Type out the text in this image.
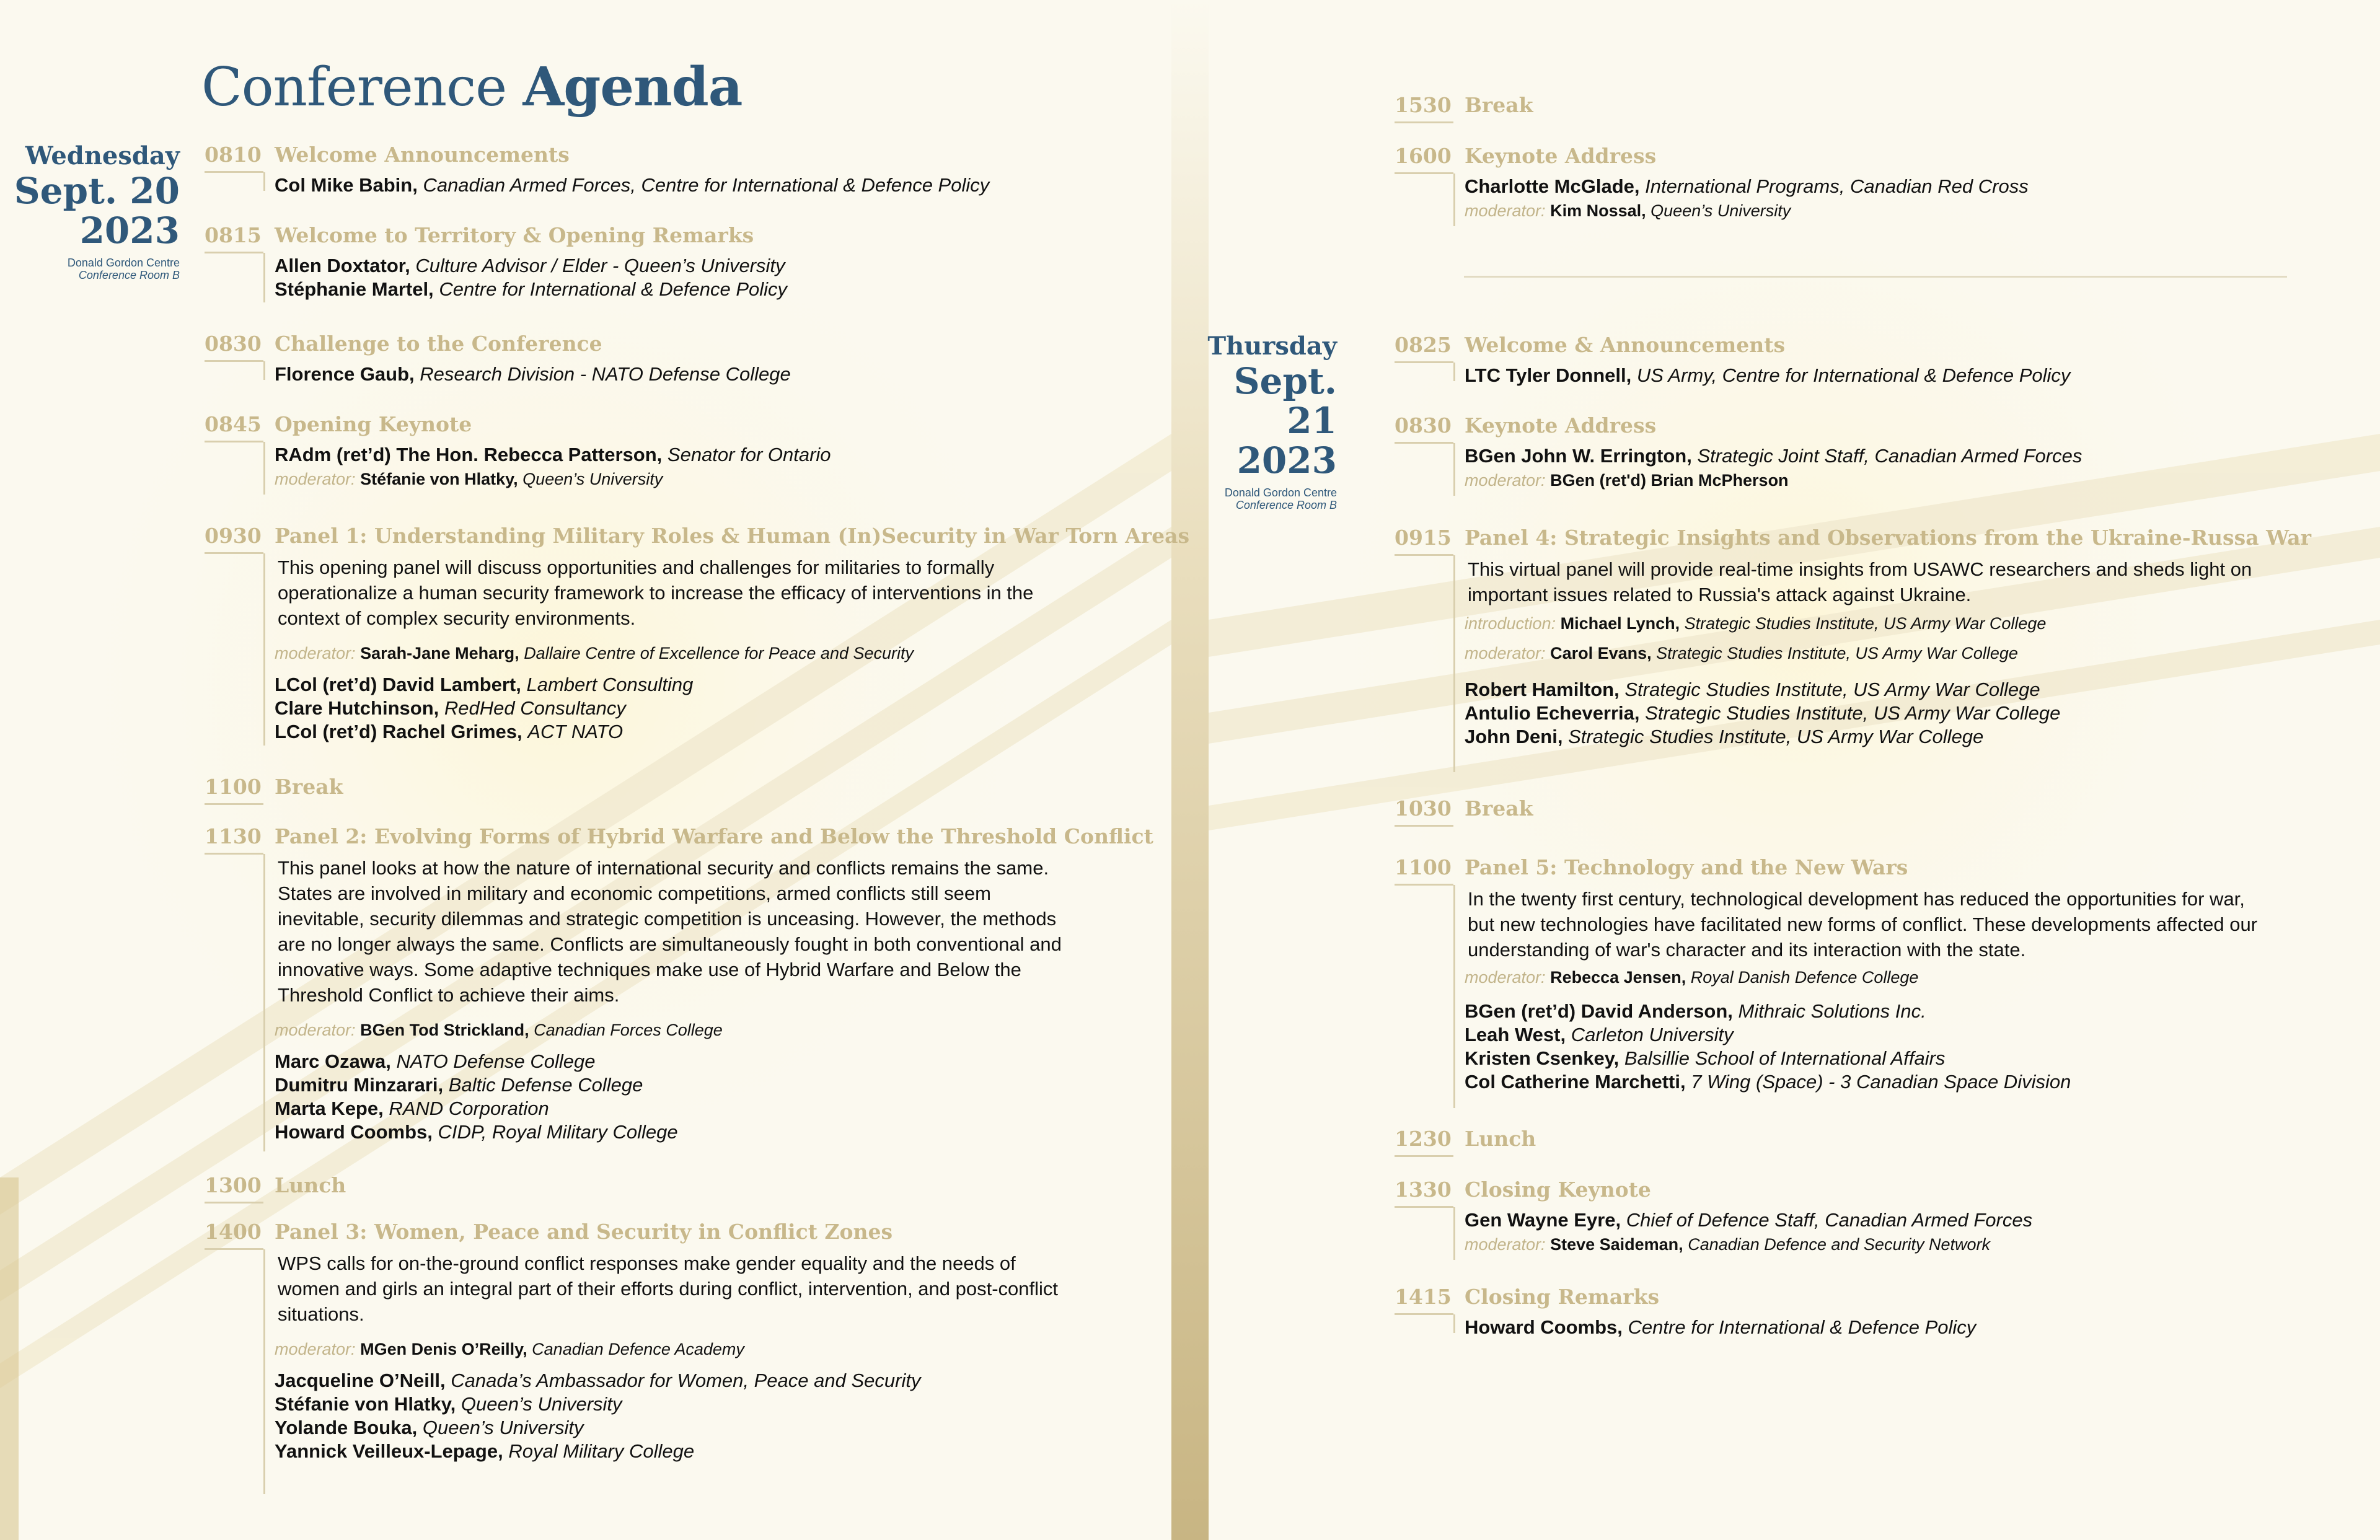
Conference Agenda
Wednesday
Sept. 20
2023
Donald Gordon Centre
Conference Room B
0810 Welcome Announcements
Col Mike Babin, Canadian Armed Forces, Centre for International & Defence Policy
0815 Welcome to Territory & Opening Remarks
Allen Doxtator, Culture Advisor / Elder - Queen’s University
Stéphanie Martel, Centre for International & Defence Policy
0830 Challenge to the Conference
Florence Gaub, Research Division - NATO Defense College
0845 Opening Keynote
RAdm (ret’d) The Hon. Rebecca Patterson, Senator for Ontario
moderator: Stéfanie von Hlatky, Queen’s University
0930 Panel 1: Understanding Military Roles & Human (In)Security in War Torn Areas

This opening panel will discuss opportunities and challenges for militaries to formally operationalize a human security framework to increase the efficacy of interventions in the context of complex security environments.

moderator: Sarah-Jane Meharg, Dallaire Centre of Excellence for Peace and Security
LCol (ret’d) David Lambert, Lambert Consulting
Clare Hutchinson, RedHed Consultancy
LCol (ret’d) Rachel Grimes, ACT NATO
1100 Break
1130 Panel 2: Evolving Forms of Hybrid Warfare and Below the Threshold Conflict

This panel looks at how the nature of international security and conflicts remains the same. States are involved in military and economic competitions, armed conflicts still seem inevitable, security dilemmas and strategic competition is unceasing. However, the methods are no longer always the same. Conflicts are simultaneously fought in both conventional and innovative ways. Some adaptive techniques make use of Hybrid Warfare and Below the Threshold Conflict to achieve their aims.

moderator: BGen Tod Strickland, Canadian Forces College
Marc Ozawa, NATO Defense College
Dumitru Minzarari, Baltic Defense College
Marta Kepe, RAND Corporation
Howard Coombs, CIDP, Royal Military College
1300 Lunch
1400 Panel 3: Women, Peace and Security in Conflict Zones

WPS calls for on-the-ground conflict responses make gender equality and the needs of women and girls an integral part of their efforts during conflict, intervention, and post-conflict situations.

moderator: MGen Denis O’Reilly, Canadian Defence Academy
Jacqueline O’Neill, Canada’s Ambassador for Women, Peace and Security
Stéfanie von Hlatky, Queen’s University
Yolande Bouka, Queen’s University
Yannick Veilleux-Lepage, Royal Military College
1530 Break
1600 Keynote Address
Charlotte McGlade, International Programs, Canadian Red Cross
moderator: Kim Nossal, Queen’s University
Thursday
Sept. 21
2023
Donald Gordon Centre
Conference Room B
0825 Welcome & Announcements
LTC Tyler Donnell, US Army, Centre for International & Defence Policy
0830 Keynote Address
BGen John W. Errington, Strategic Joint Staff, Canadian Armed Forces
moderator: BGen (ret'd) Brian McPherson
0915 Panel 4: Strategic Insights and Observations from the Ukraine-Russa War

This virtual panel will provide real-time insights from USAWC researchers and sheds light on important issues related to Russia's attack against Ukraine.

introduction: Michael Lynch, Strategic Studies Institute, US Army War College
moderator: Carol Evans, Strategic Studies Institute, US Army War College
Robert Hamilton, Strategic Studies Institute, US Army War College
Antulio Echeverria, Strategic Studies Institute, US Army War College
John Deni, Strategic Studies Institute, US Army War College
1030 Break
1100 Panel 5: Technology and the New Wars

In the twenty first century, technological development has reduced the opportunities for war, but new technologies have facilitated new forms of conflict. These developments affected our understanding of war's character and its interaction with the state.

moderator: Rebecca Jensen, Royal Danish Defence College
BGen (ret’d) David Anderson, Mithraic Solutions Inc.
Leah West, Carleton University
Kristen Csenkey, Balsillie School of International Affairs
Col Catherine Marchetti, 7 Wing (Space) - 3 Canadian Space Division
1230 Lunch
1330 Closing Keynote
Gen Wayne Eyre, Chief of Defence Staff, Canadian Armed Forces
moderator: Steve Saideman, Canadian Defence and Security Network
1415 Closing Remarks
Howard Coombs, Centre for International & Defence Policy
